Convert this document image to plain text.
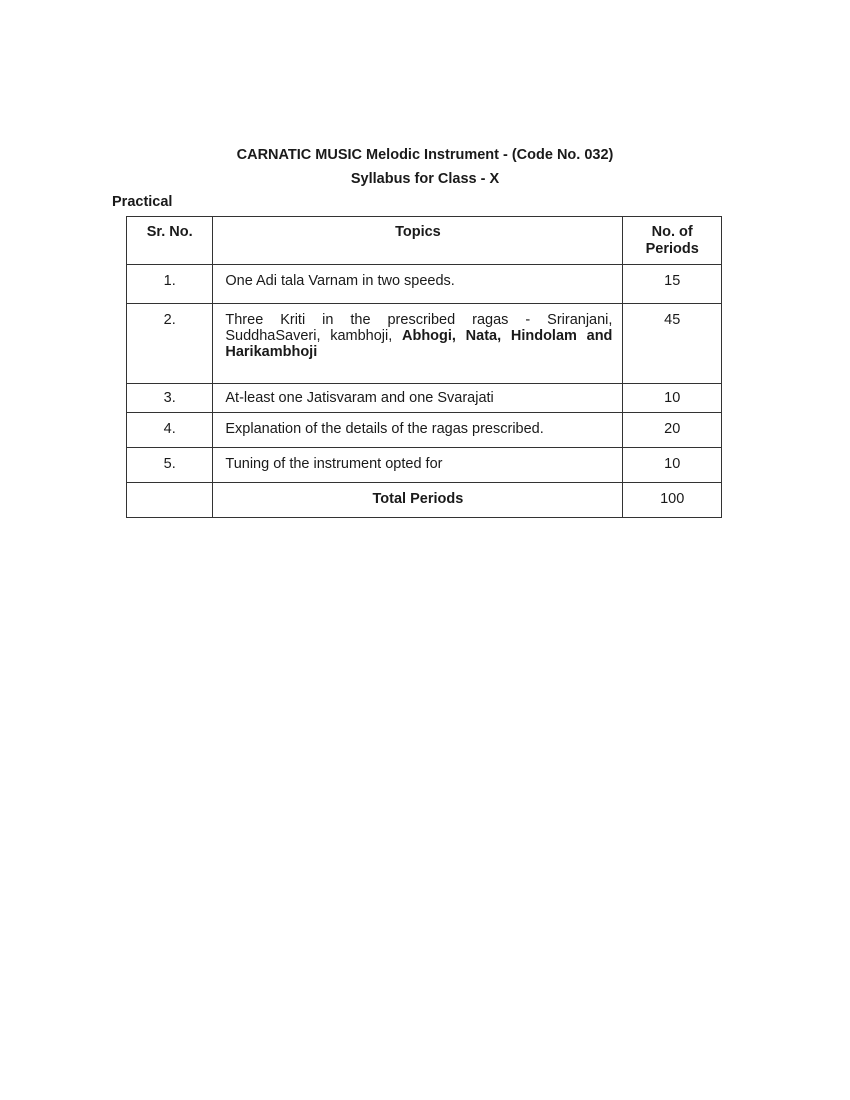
CARNATIC MUSIC Melodic Instrument - (Code No. 032)
Syllabus for Class - X
Practical
Sr. No.	Topics	No. of
Periods
1.	One Adi tala Varnam in two speeds.	15
2.	Three Kriti in the prescribed ragas - Sriranjani, SuddhaSaveri, kambhoji, Abhogi, Nata, Hindolam and Harikambhoji	45
3.	At-least one Jatisvaram and one Svarajati	10
4.	Explanation of the details of the ragas prescribed.	20
5.	Tuning of the instrument opted for	10
	Total Periods	100
